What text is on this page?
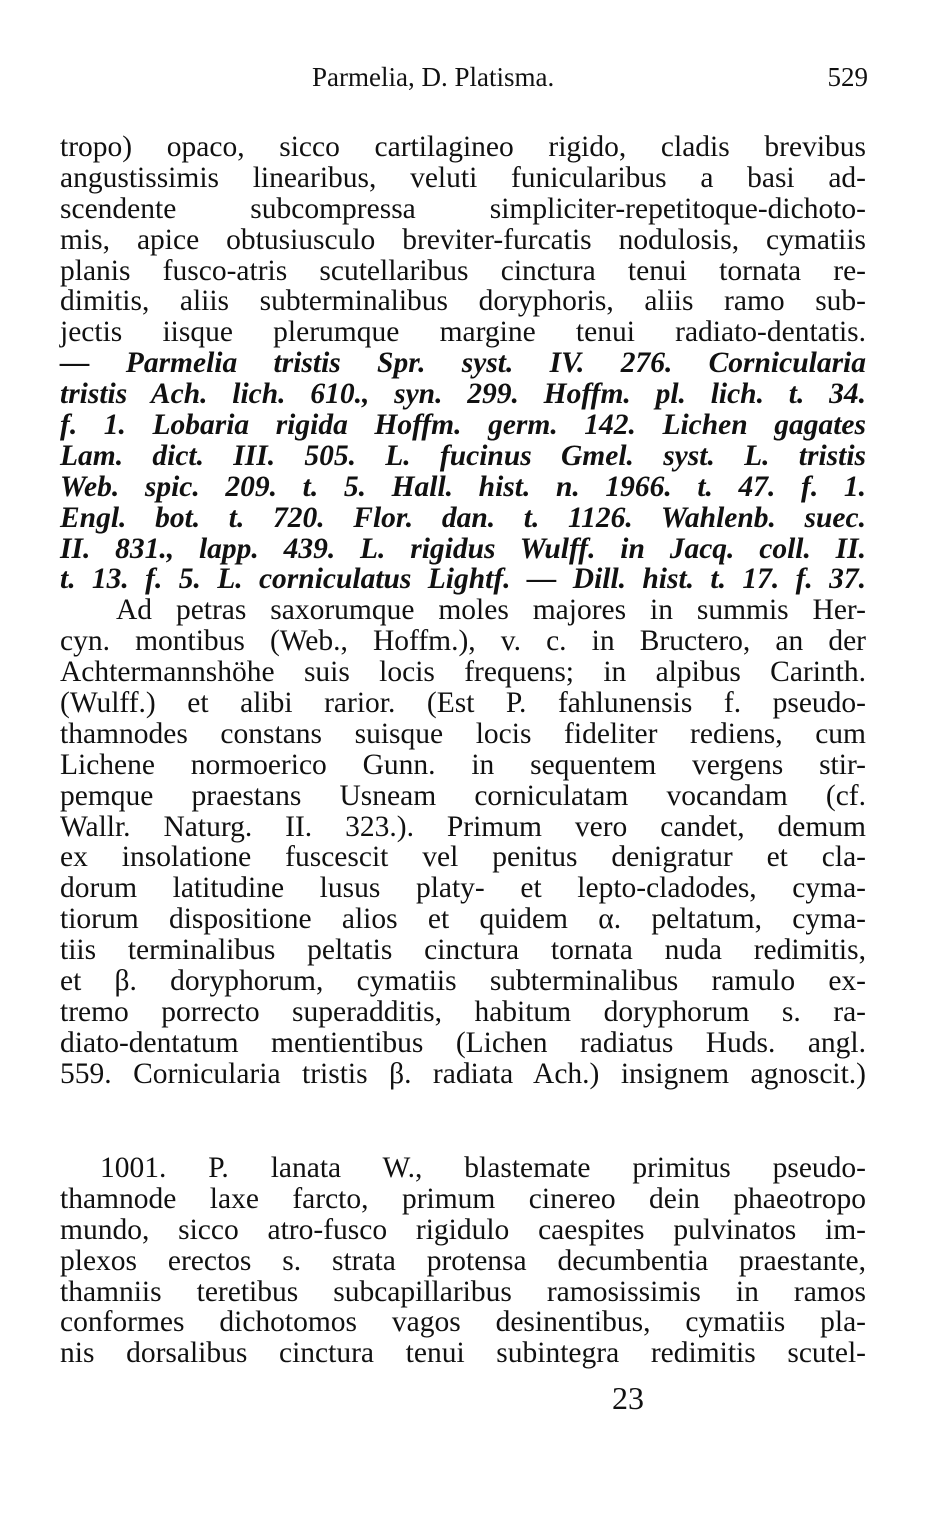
Parmelia, D. Platisma.	529
tropo) opaco, sicco cartilagineo rigido, cladis brevibus
angustissimis linearibus, veluti funicularibus a basi ad-
scendente subcompressa simpliciter-repetitoque-dichoto-
mis, apice obtusiusculo breviter-furcatis nodulosis, cymatiis
planis fusco-atris scutellaribus cinctura tenui tornata re-
dimitis, aliis subterminalibus doryphoris, aliis ramo sub-
jectis iisque plerumque margine tenui radiato-dentatis.
— Parmelia tristis Spr. syst. IV. 276. Cornicularia
tristis Ach. lich. 610., syn. 299. Hoffm. pl. lich. t. 34.
f. 1. Lobaria rigida Hoffm. germ. 142. Lichen gagates
Lam. dict. III. 505. L. fucinus Gmel. syst. L. tristis
Web. spic. 209. t. 5. Hall. hist. n. 1966. t. 47. f. 1.
Engl. bot. t. 720. Flor. dan. t. 1126. Wahlenb. suec.
II. 831., lapp. 439. L. rigidus Wulff. in Jacq. coll. II.
t. 13. f. 5. L. corniculatus Lightf. — Dill. hist. t. 17. f. 37.
Ad petras saxorumque moles majores in summis Her-
cyn. montibus (Web., Hoffm.), v. c. in Bructero, an der
Achtermannshöhe suis locis frequens; in alpibus Carinth.
(Wulff.) et alibi rarior. (Est P. fahlunensis f. pseudo-
thamnodes constans suisque locis fideliter rediens, cum
Lichene normoerico Gunn. in sequentem vergens stir-
pemque praestans Usneam corniculatam vocandam (cf.
Wallr. Naturg. II. 323.). Primum vero candet, demum
ex insolatione fuscescit vel penitus denigratur et cla-
dorum latitudine lusus platy- et lepto-cladodes, cyma-
tiorum dispositione alios et quidem α. peltatum, cyma-
tiis terminalibus peltatis cinctura tornata nuda redimitis,
et β. doryphorum, cymatiis subterminalibus ramulo ex-
tremo porrecto superadditis, habitum doryphorum s. ra-
diato-dentatum mentientibus (Lichen radiatus Huds. angl.
559. Cornicularia tristis β. radiata Ach.) insignem agnoscit.)
1001. P. lanata W., blastemate primitus pseudo-
thamnode laxe farcto, primum cinereo dein phaeotropo
mundo, sicco atro-fusco rigidulo caespites pulvinatos im-
plexos erectos s. strata protensa decumbentia praestante,
thamniis teretibus subcapillaribus ramosissimis in ramos
conformes dichotomos vagos desinentibus, cymatiis pla-
nis dorsalibus cinctura tenui subintegra redimitis scutel-
23
